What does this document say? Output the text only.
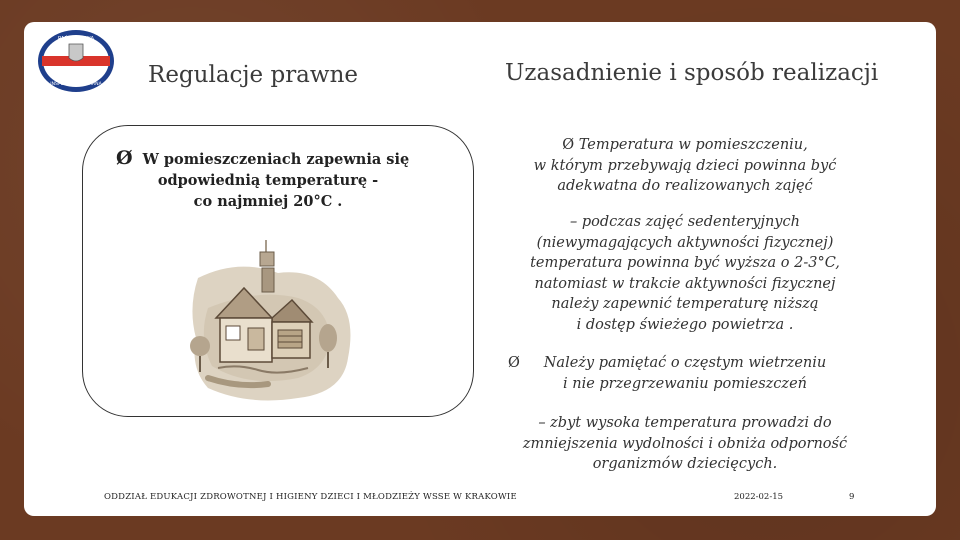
PAŃSTWOWA
INSPEKCJA SANITARNA Regulacje prawne	Uzasadnienie i sposób realizacji
Ø W pomieszczeniach zapewnia się
odpowiednią temperaturę -
co najmniej 20°C .
Ø Temperatura w pomieszczeniu,
w którym przebywają dzieci powinna być
adekwatna do realizowanych zajęć
– podczas zajęć sedenteryjnych
(niewymagających aktywności fizycznej)
temperatura powinna być wyższa o 2-3°C,
natomiast w trakcie aktywności fizycznej
należy zapewnić temperaturę niższą
i dostęp świeżego powietrza .
Ø Należy pamiętać o częstym wietrzeniu
i nie przegrzewaniu pomieszczeń
– zbyt wysoka temperatura prowadzi do
zmniejszenia wydolności i obniża odporność
organizmów dziecięcych.
ODDZIAŁ EDUKACJI ZDROWOTNEJ I HIGIENY DZIECI I MŁODZIEŻY WSSE W KRAKOWIE	2022-02-15	9
